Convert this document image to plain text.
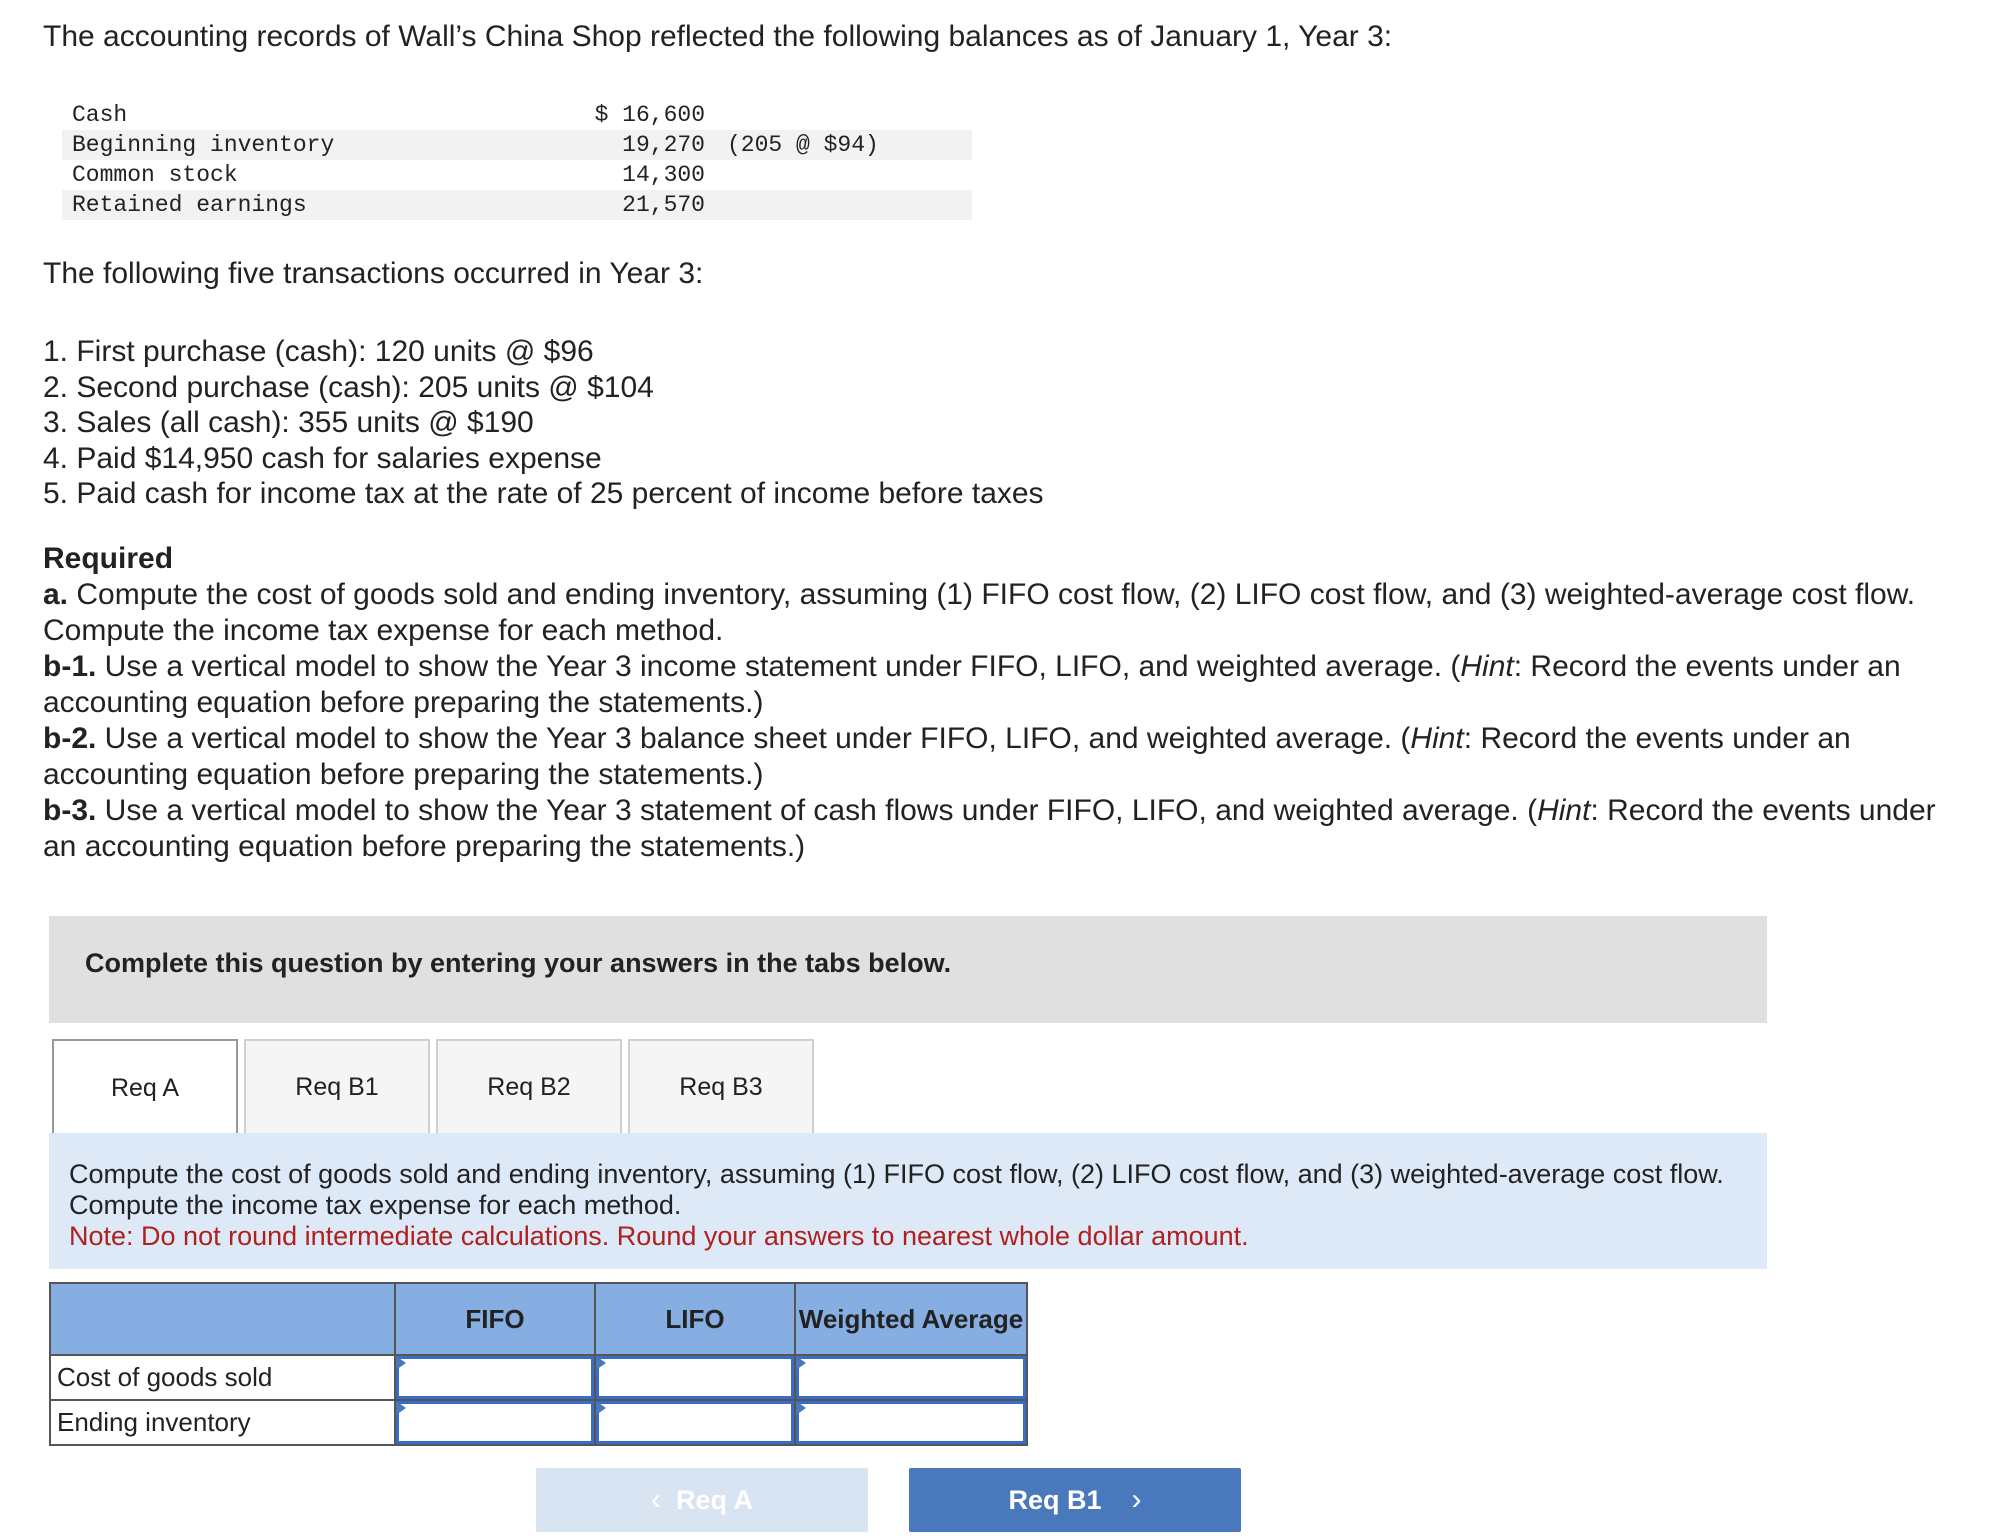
The accounting records of Wall’s China Shop reflected the following balances as of January 1, Year 3:

Cash	$ 16,600
Beginning inventory	19,270 (205 @ $94)
Common stock	14,300
Retained earnings	21,570

The following five transactions occurred in Year 3:

1. First purchase (cash): 120 units @ $96
2. Second purchase (cash): 205 units @ $104
3. Sales (all cash): 355 units @ $190
4. Paid $14,950 cash for salaries expense
5. Paid cash for income tax at the rate of 25 percent of income before taxes
Required
a. Compute the cost of goods sold and ending inventory, assuming (1) FIFO cost flow, (2) LIFO cost flow, and (3) weighted-average cost flow. Compute the income tax expense for each method.
b-1. Use a vertical model to show the Year 3 income statement under FIFO, LIFO, and weighted average. (Hint: Record the events under an accounting equation before preparing the statements.)
b-2. Use a vertical model to show the Year 3 balance sheet under FIFO, LIFO, and weighted average. (Hint: Record the events under an accounting equation before preparing the statements.)
b-3. Use a vertical model to show the Year 3 statement of cash flows under FIFO, LIFO, and weighted average. (Hint: Record the events under an accounting equation before preparing the statements.)
Complete this question by entering your answers in the tabs below.
Req A	Req B1	Req B2	Req B3
Compute the cost of goods sold and ending inventory, assuming (1) FIFO cost flow, (2) LIFO cost flow, and (3) weighted-average cost flow. Compute the income tax expense for each method.
Note: Do not round intermediate calculations. Round your answers to nearest whole dollar amount.
	FIFO	LIFO	Weighted Average
Cost of goods sold			
Ending inventory			
‹
Req A	Req B1
›
